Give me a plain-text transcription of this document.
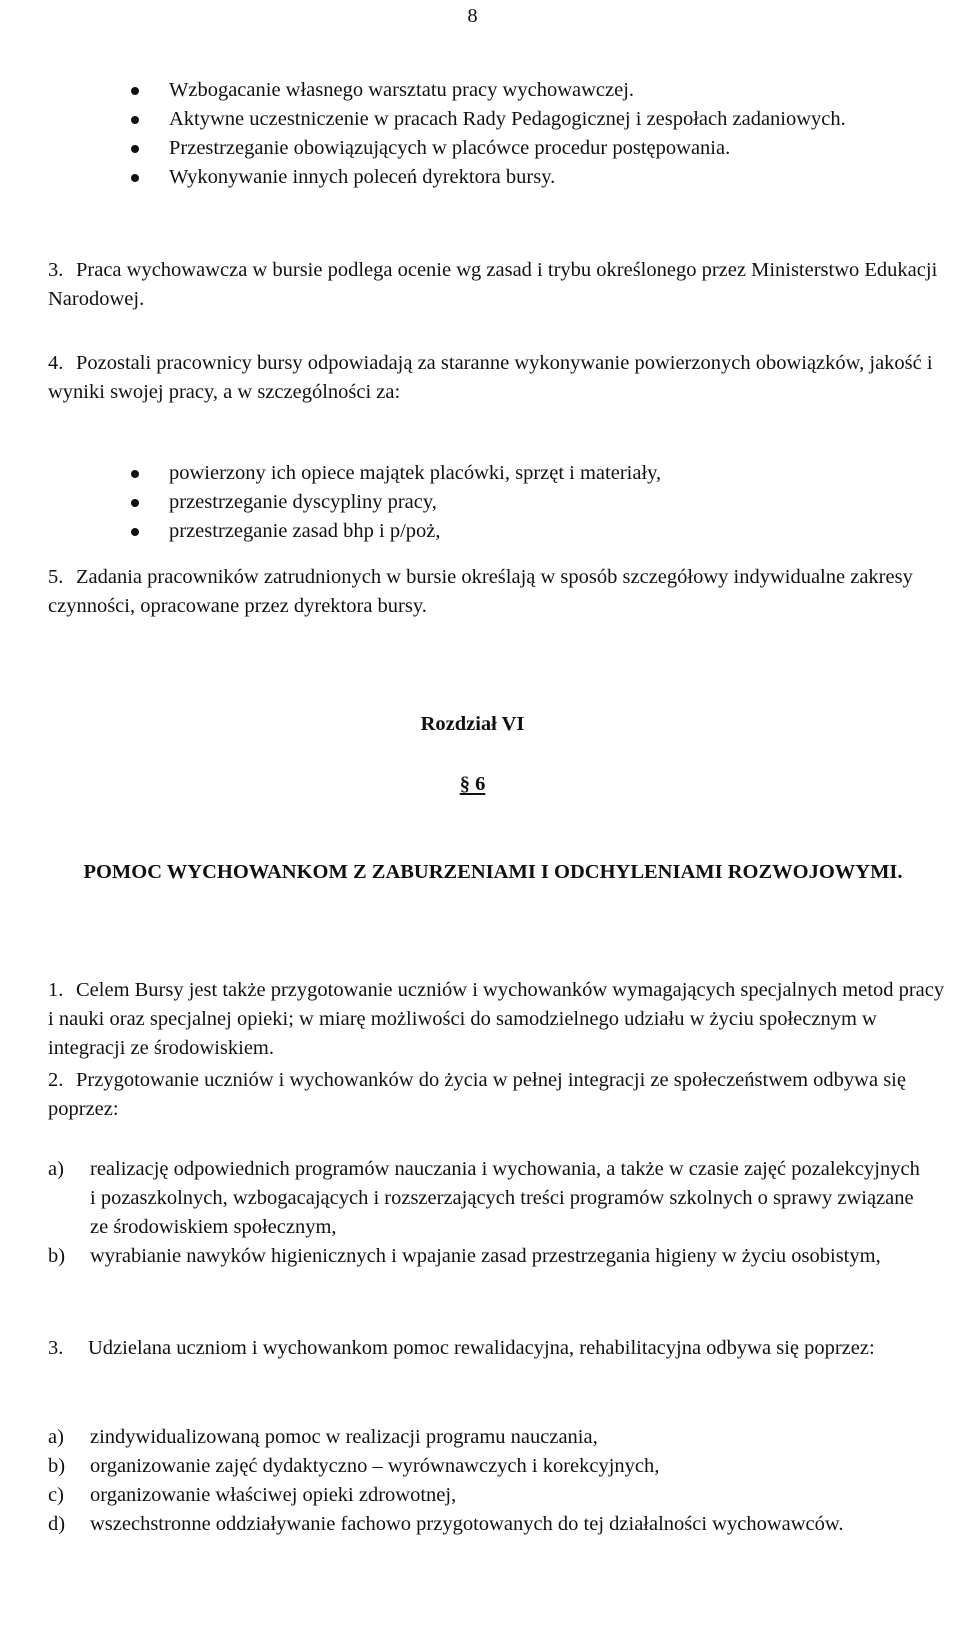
8
Wzbogacanie własnego warsztatu pracy wychowawczej.
Aktywne uczestniczenie w pracach Rady Pedagogicznej i zespołach zadaniowych.
Przestrzeganie obowiązujących w placówce procedur postępowania.
Wykonywanie innych poleceń dyrektora bursy.
3. Praca wychowawcza w bursie podlega ocenie wg zasad i trybu określonego przez Ministerstwo Edukacji Narodowej.
4. Pozostali pracownicy bursy odpowiadają za staranne wykonywanie powierzonych obowiązków, jakość i wyniki swojej pracy, a w szczególności za:
powierzony ich opiece majątek placówki, sprzęt i materiały,
przestrzeganie dyscypliny pracy,
przestrzeganie zasad bhp i p/poż,
5. Zadania pracowników zatrudnionych w bursie określają w sposób szczegółowy indywidualne zakresy czynności, opracowane przez dyrektora bursy.
Rozdział VI
§ 6
POMOC WYCHOWANKOM Z ZABURZENIAMI I ODCHYLENIAMI ROZWOJOWYMI.
1. Celem Bursy jest także przygotowanie uczniów i wychowanków wymagających specjalnych metod pracy i nauki oraz specjalnej opieki; w miarę możliwości do samodzielnego udziału w życiu społecznym w integracji ze środowiskiem.
2. Przygotowanie uczniów i wychowanków do życia w pełnej integracji ze społeczeństwem odbywa się poprzez:
a) realizację odpowiednich programów nauczania i wychowania, a także w czasie zajęć pozalekcyjnych i pozaszkolnych, wzbogacających i rozszerzających treści programów szkolnych o sprawy związane ze środowiskiem społecznym,
b) wyrabianie nawyków higienicznych i wpajanie zasad przestrzegania higieny w życiu osobistym,
3. Udzielana uczniom i wychowankom pomoc rewalidacyjna, rehabilitacyjna odbywa się poprzez:
a) zindywidualizowaną pomoc w realizacji programu nauczania,
b) organizowanie zajęć dydaktyczno – wyrównawczych i korekcyjnych,
c) organizowanie właściwej opieki zdrowotnej,
d) wszechstronne oddziaływanie fachowo przygotowanych do tej działalności wychowawców.
